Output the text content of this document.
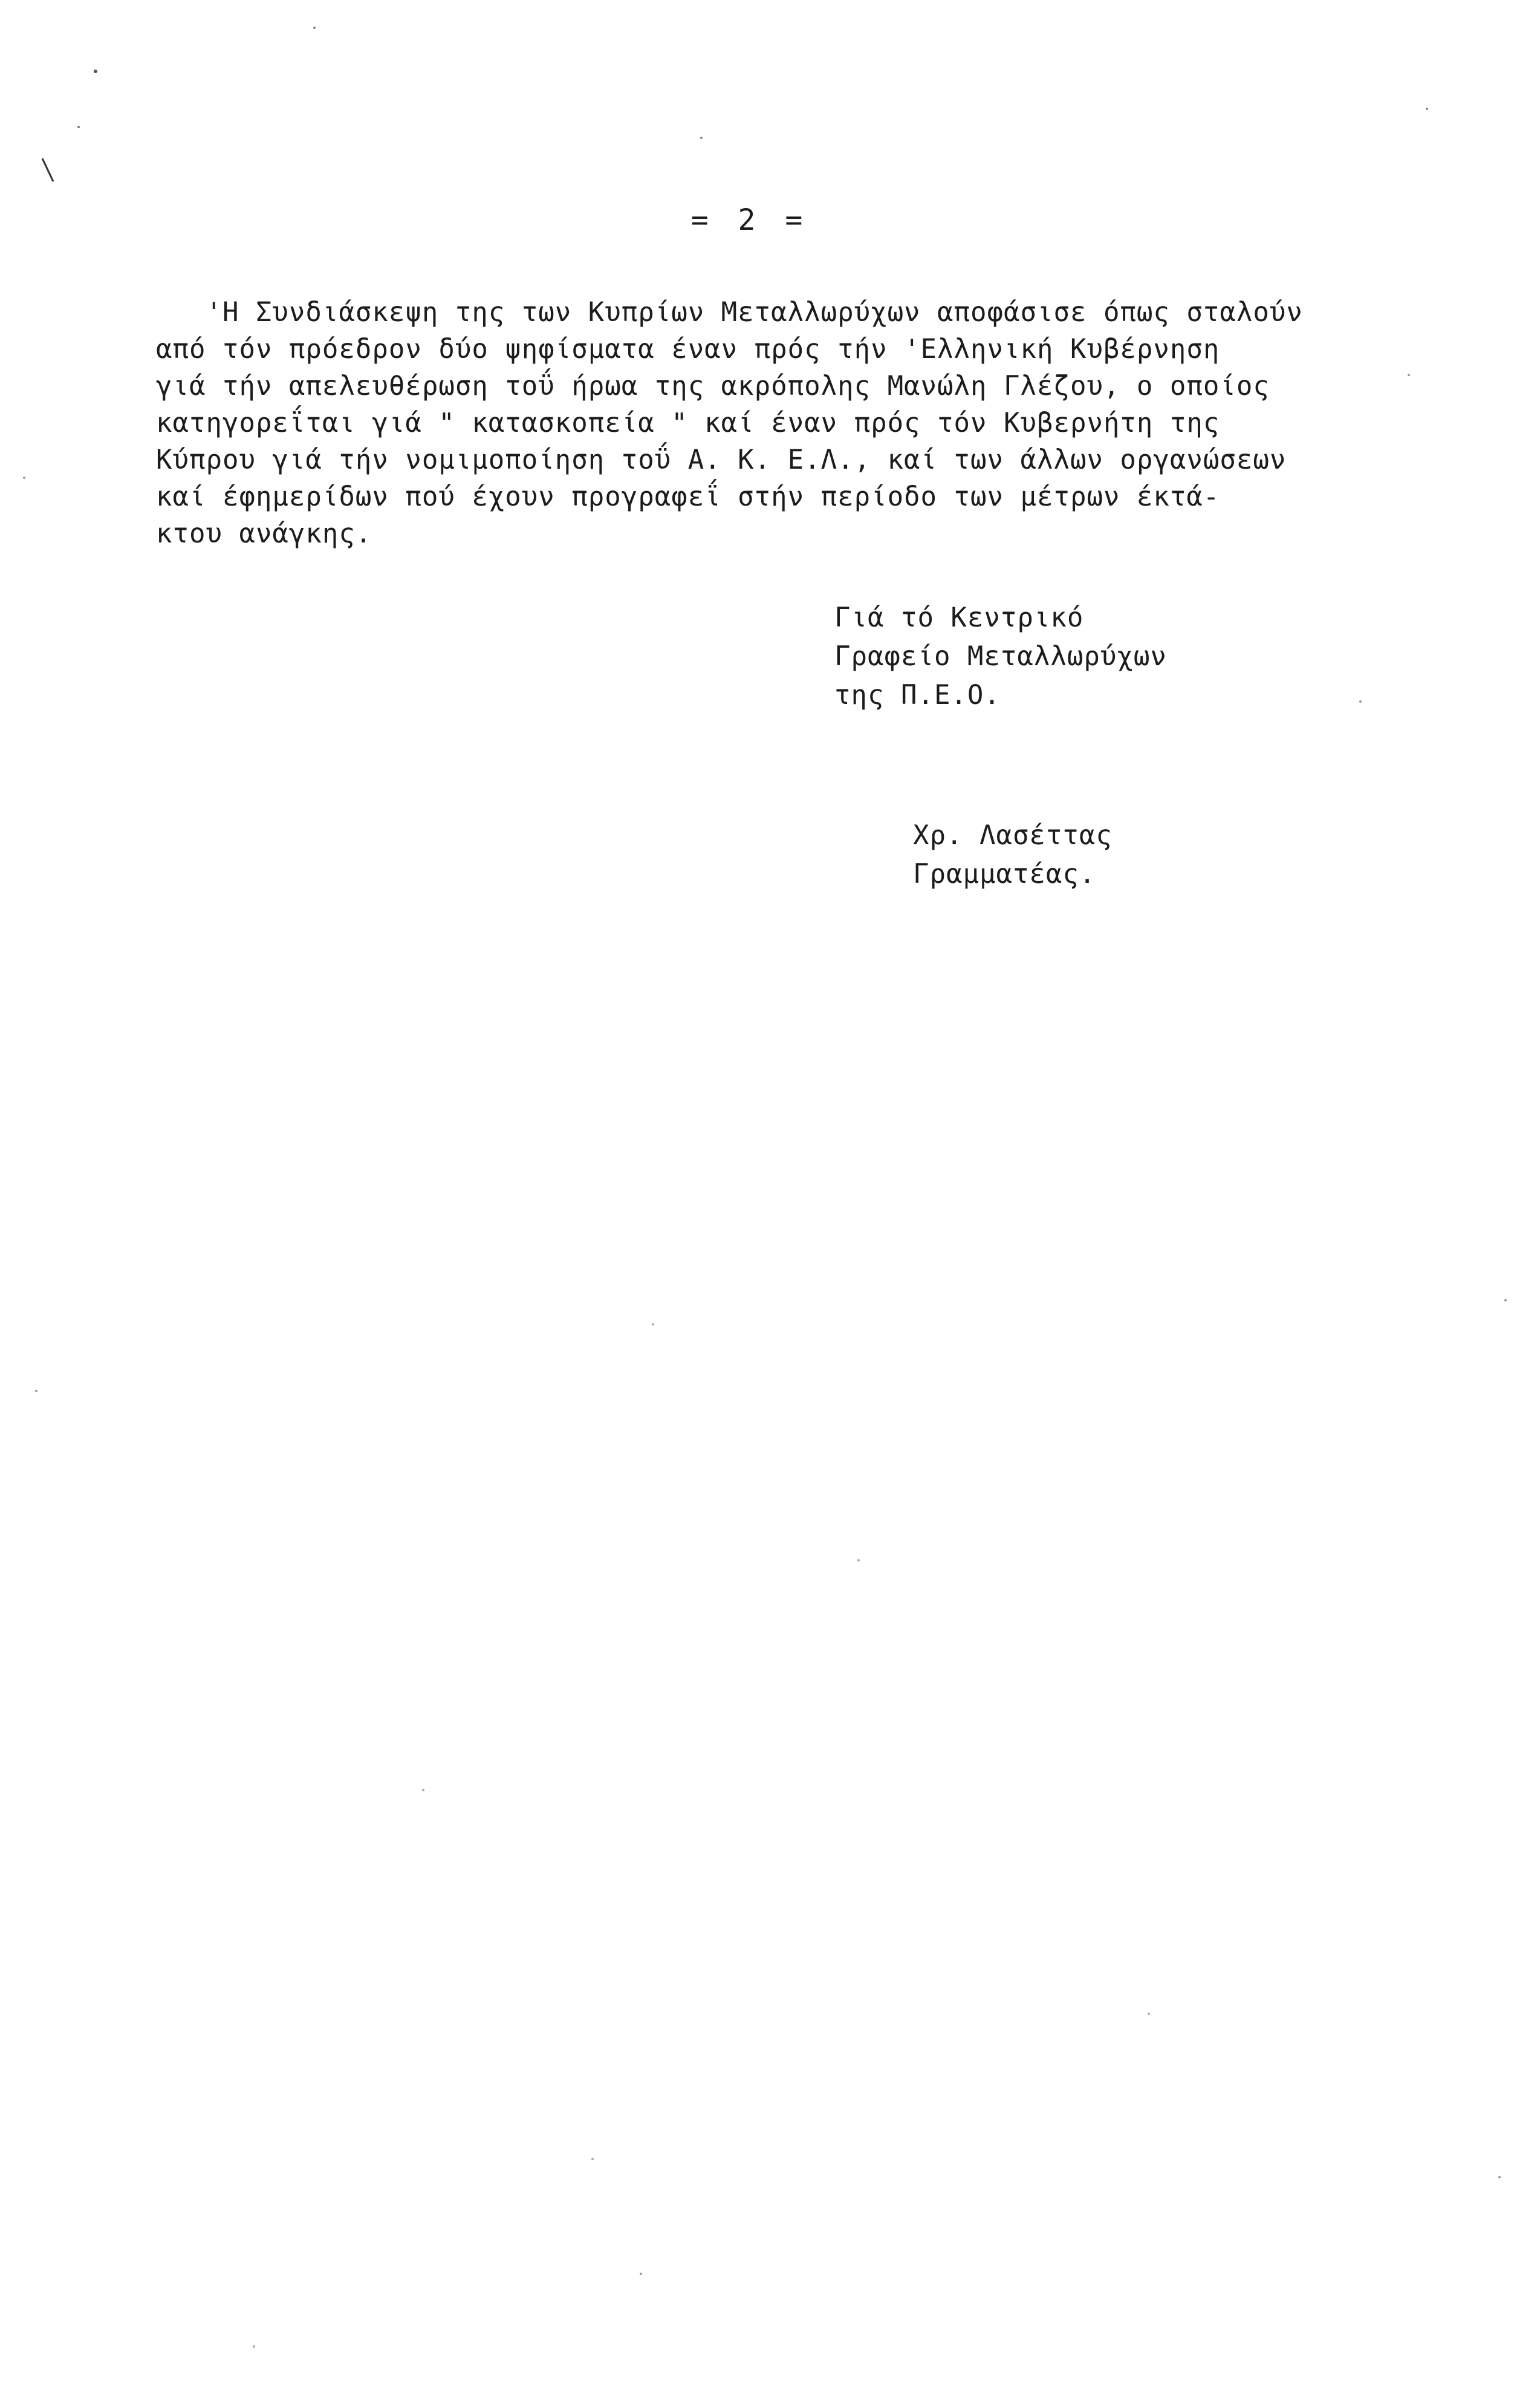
= 2 =
'Η Συνδιάσκεψη της των Κυπρίων Μεταλλωρύχων αποφάσισε όπως σταλούν
από τόν πρόεδρον δύο ψηφίσματα έναν πρός τήν 'Ελληνική Κυβέρνηση
γιά τήν απελευθέρωση τοΰ ήρωα της ακρόπολης Μανώλη Γλέζου, ο οποίος
κατηγορεΐται γιά " κατασκοπεία " καί έναν πρός τόν Κυβερνήτη της
Κύπρου γιά τήν νομιμοποίηση τοΰ Α. Κ. Ε.Λ., καί των άλλων οργανώσεων
καί έφημερίδων πού έχουν προγραφεΐ στήν περίοδο των μέτρων έκτά-
κτου ανάγκης.
Γιά τό Κεντρικό
Γραφείο Μεταλλωρύχων
της Π.Ε.Ο.
Χρ. Λασέττας
Γραμματέας.
